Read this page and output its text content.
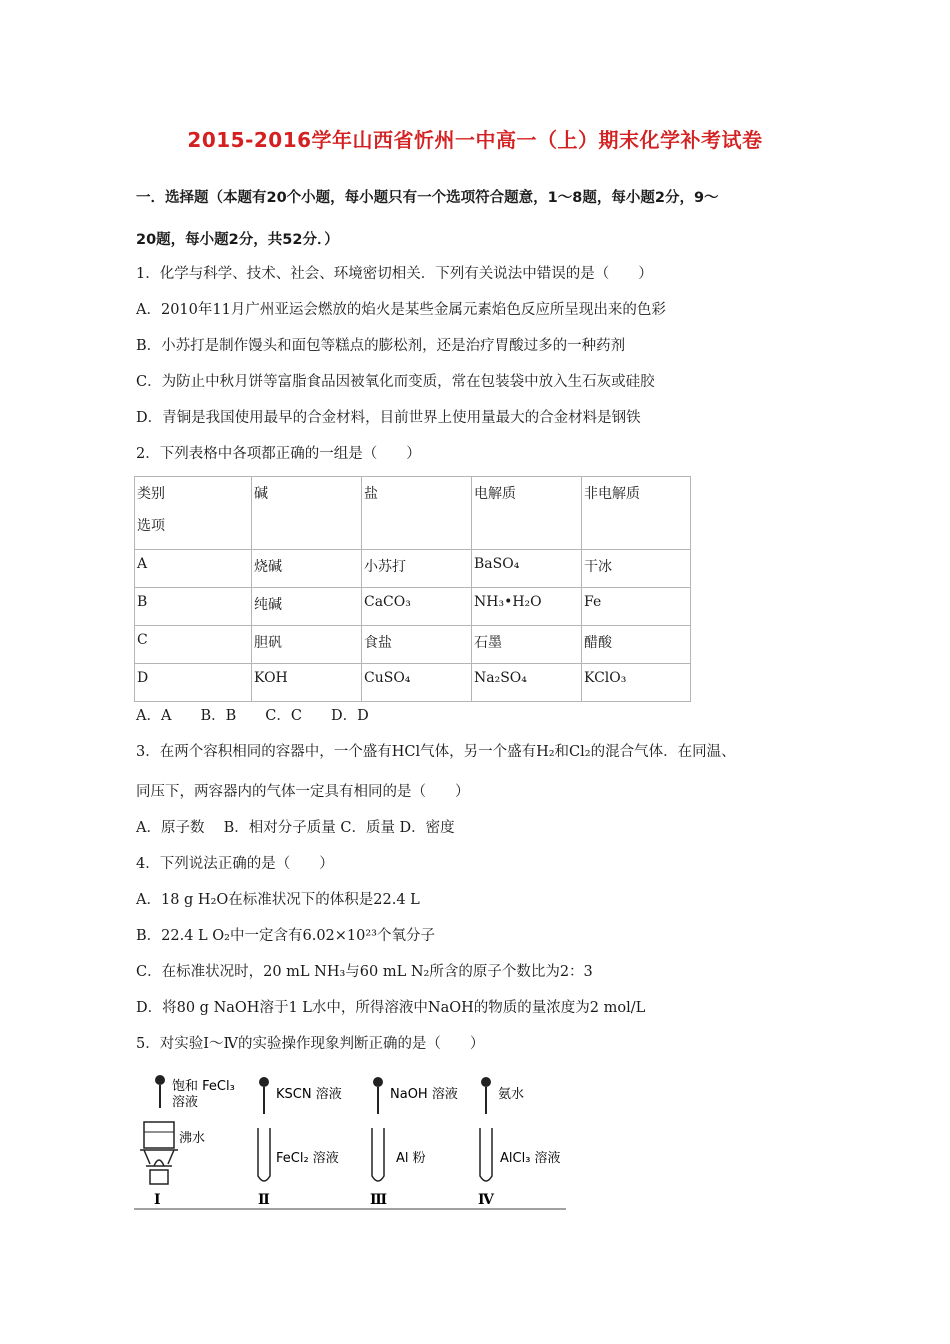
2015-2016学年山西省忻州一中高一（上）期末化学补考试卷
一．选择题（本题有20个小题，每小题只有一个选项符合题意，1～8题，每小题2分，9～
20题，每小题2分，共52分．）
1．化学与科学、技术、社会、环境密切相关．下列有关说法中错误的是（　　）
A．2010年11月广州亚运会燃放的焰火是某些金属元素焰色反应所呈现出来的色彩
B．小苏打是制作馒头和面包等糕点的膨松剂，还是治疗胃酸过多的一种药剂
C．为防止中秋月饼等富脂食品因被氧化而变质，常在包装袋中放入生石灰或硅胶
D．青铜是我国使用最早的合金材料，目前世界上使用量最大的合金材料是钢铁
2．下列表格中各项都正确的一组是（　　）
类别
选项	碱	盐	电解质	非电解质
A	烧碱	小苏打	BaSO₄	干冰
B	纯碱	CaCO₃	NH₃•H₂O	Fe
C	胆矾	食盐	石墨	醋酸
D	KOH	CuSO₄	Na₂SO₄	KClO₃
A．A　　B．B　　C．C　　D．D
3．在两个容积相同的容器中，一个盛有HCl气体，另一个盛有H₂和Cl₂的混合气体．在同温、
同压下，两容器内的气体一定具有相同的是（　　）
A．原子数　 B．相对分子质量 C．质量 D．密度
4．下列说法正确的是（　　）
A．18 g H₂O在标准状况下的体积是22.4 L
B．22.4 L O₂中一定含有6.02×10²³个氧分子
C．在标准状况时，20 mL NH₃与60 mL N₂所含的原子个数比为2：3
D．将80 g NaOH溶于1 L水中，所得溶液中NaOH的物质的量浓度为2 mol/L
5．对实验Ⅰ～Ⅳ的实验操作现象判断正确的是（　　）
饱和 FeCl₃
溶液
沸水
Ⅰ
KSCN 溶液
FeCl₂ 溶液
Ⅱ
NaOH 溶液
Al 粉
Ⅲ
氨水
AlCl₃ 溶液
Ⅳ
